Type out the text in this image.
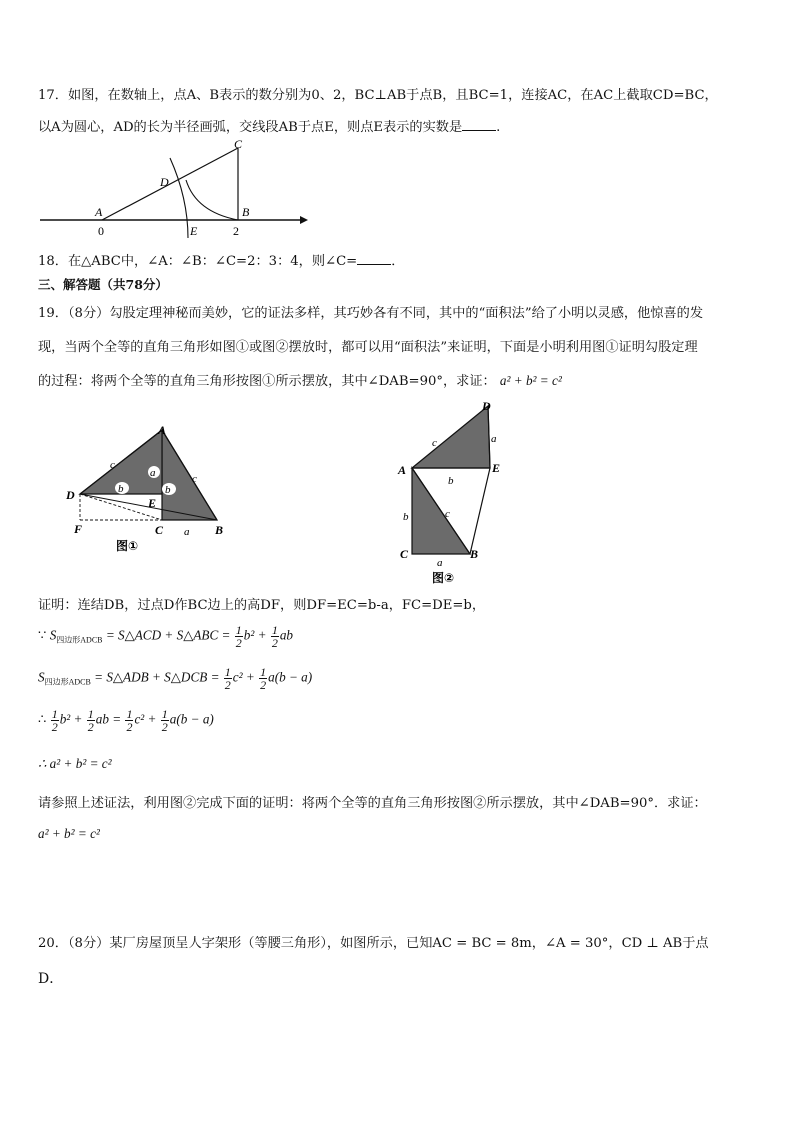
17．如图，在数轴上，点A、B表示的数分别为0、2，BC⊥AB于点B，且BC=1，连接AC，在AC上截取CD=BC，
以A为圆心，AD的长为半径画弧，交线段AB于点E，则点E表示的实数是	.
A
0
C
D
B
2
E
18．在△ABC中，∠A：∠B：∠C=2：3：4，则∠C=	．
三、解答题（共78分）
19．（8分）勾股定理神秘而美妙，它的证法多样，其巧妙各有不同，其中的“面积法”给了小明以灵感，他惊喜的发
现，当两个全等的直角三角形如图①或图②摆放时，都可以用“面积法”来证明，下面是小明利用图①证明勾股定理
的过程：将两个全等的直角三角形按图①所示摆放，其中∠DAB=90°，求证： a² + b² = c²
A
D
E
F	C	B
c
c
a
b	b
a
图①
D
A	E
C	B
c	a
b
c
b
a
图②
证明：连结DB，过点D作BC边上的高DF，则DF=EC=b-a，FC=DE=b，
∵ $S_{四边形ADCB}$ = S△ACD + S△ABC = $\frac{1}{2} b^2 + \frac{1}{2}$ ab
$S_{四边形ADCB}$ = S△ADB + S△DCB = $\frac{1}{2} c^2 + \frac{1}{2} a(b - a)$
∴ $\frac{1}{2} b^2 + \frac{1}{2}$ ab = $\frac{1}{2} c^2 + \frac{1}{2} a(b - a)$
∴ a² + b² = c²
请参照上述证法，利用图②完成下面的证明：将两个全等的直角三角形按图②所示摆放，其中∠DAB=90°．求证：
a² + b² = c²
20．（8分）某厂房屋顶呈人字架形（等腰三角形），如图所示，已知AC = BC = 8m，∠A = 30°，CD ⊥ AB于点
D．
